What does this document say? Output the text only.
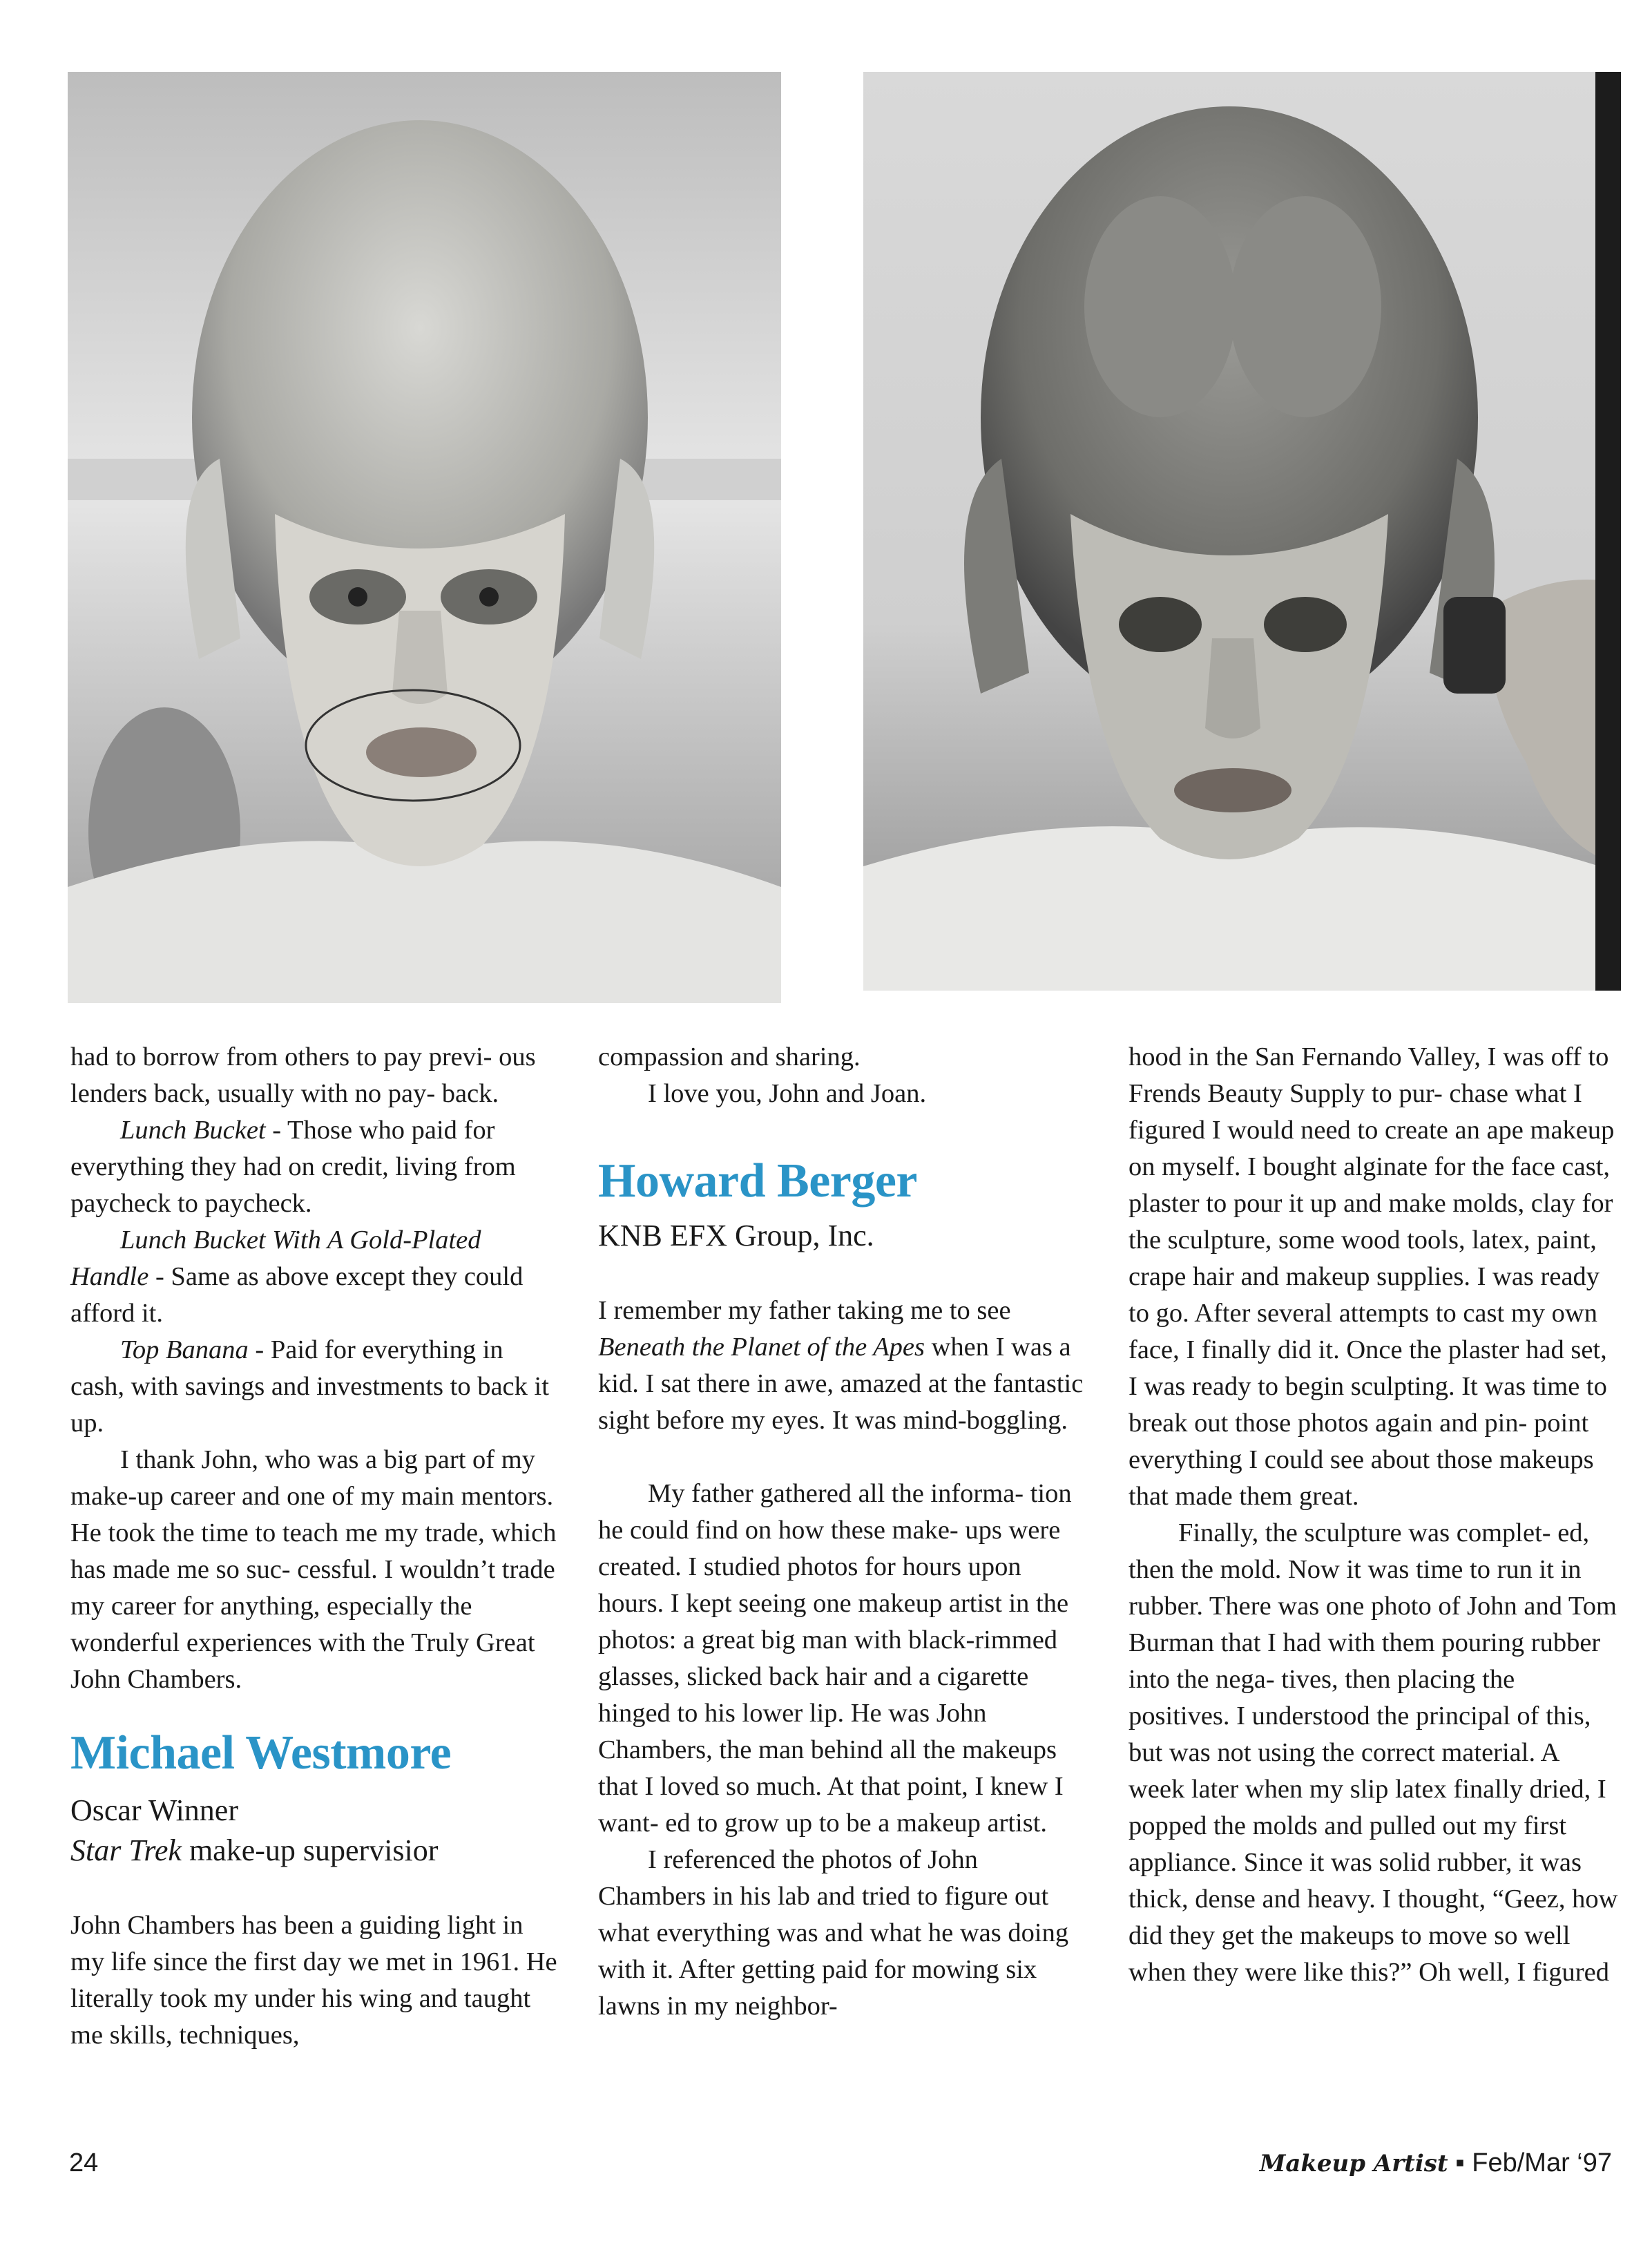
had to borrow from others to pay previ- ous lenders back, usually with no pay- back.

Lunch Bucket - Those who paid for everything they had on credit, living from paycheck to paycheck.

Lunch Bucket With A Gold-Plated Handle - Same as above except they could afford it.

Top Banana - Paid for everything in cash, with savings and investments to back it up.

I thank John, who was a big part of my make-up career and one of my main mentors. He took the time to teach me my trade, which has made me so suc- cessful. I wouldn’t trade my career for anything, especially the wonderful experiences with the Truly Great John Chambers.

Michael Westmore

Oscar Winner

Star Trek make-up supervisior

John Chambers has been a guiding light in my life since the first day we met in 1961. He literally took my under his wing and taught me skills, techniques,

compassion and sharing.

I love you, John and Joan.

Howard Berger

KNB EFX Group, Inc.

I remember my father taking me to see Beneath the Planet of the Apes when I was a kid. I sat there in awe, amazed at the fantastic sight before my eyes. It was mind-boggling.

My father gathered all the informa- tion he could find on how these make- ups were created. I studied photos for hours upon hours. I kept seeing one makeup artist in the photos: a great big man with black-rimmed glasses, slicked back hair and a cigarette hinged to his lower lip. He was John Chambers, the man behind all the makeups that I loved so much. At that point, I knew I want- ed to grow up to be a makeup artist.

I referenced the photos of John Chambers in his lab and tried to figure out what everything was and what he was doing with it. After getting paid for mowing six lawns in my neighbor-

hood in the San Fernando Valley, I was off to Frends Beauty Supply to pur- chase what I figured I would need to create an ape makeup on myself. I bought alginate for the face cast, plaster to pour it up and make molds, clay for the sculpture, some wood tools, latex, paint, crape hair and makeup supplies. I was ready to go. After several attempts to cast my own face, I finally did it. Once the plaster had set, I was ready to begin sculpting. It was time to break out those photos again and pin- point everything I could see about those makeups that made them great.

Finally, the sculpture was complet- ed, then the mold. Now it was time to run it in rubber. There was one photo of John and Tom Burman that I had with them pouring rubber into the nega- tives, then placing the positives. I understood the principal of this, but was not using the correct material. A week later when my slip latex finally dried, I popped the molds and pulled out my first appliance. Since it was solid rubber, it was thick, dense and heavy. I thought, “Geez, how did they get the makeups to move so well when they were like this?” Oh well, I figured

24	Makeup Artist ▪ Feb/Mar ‘97
